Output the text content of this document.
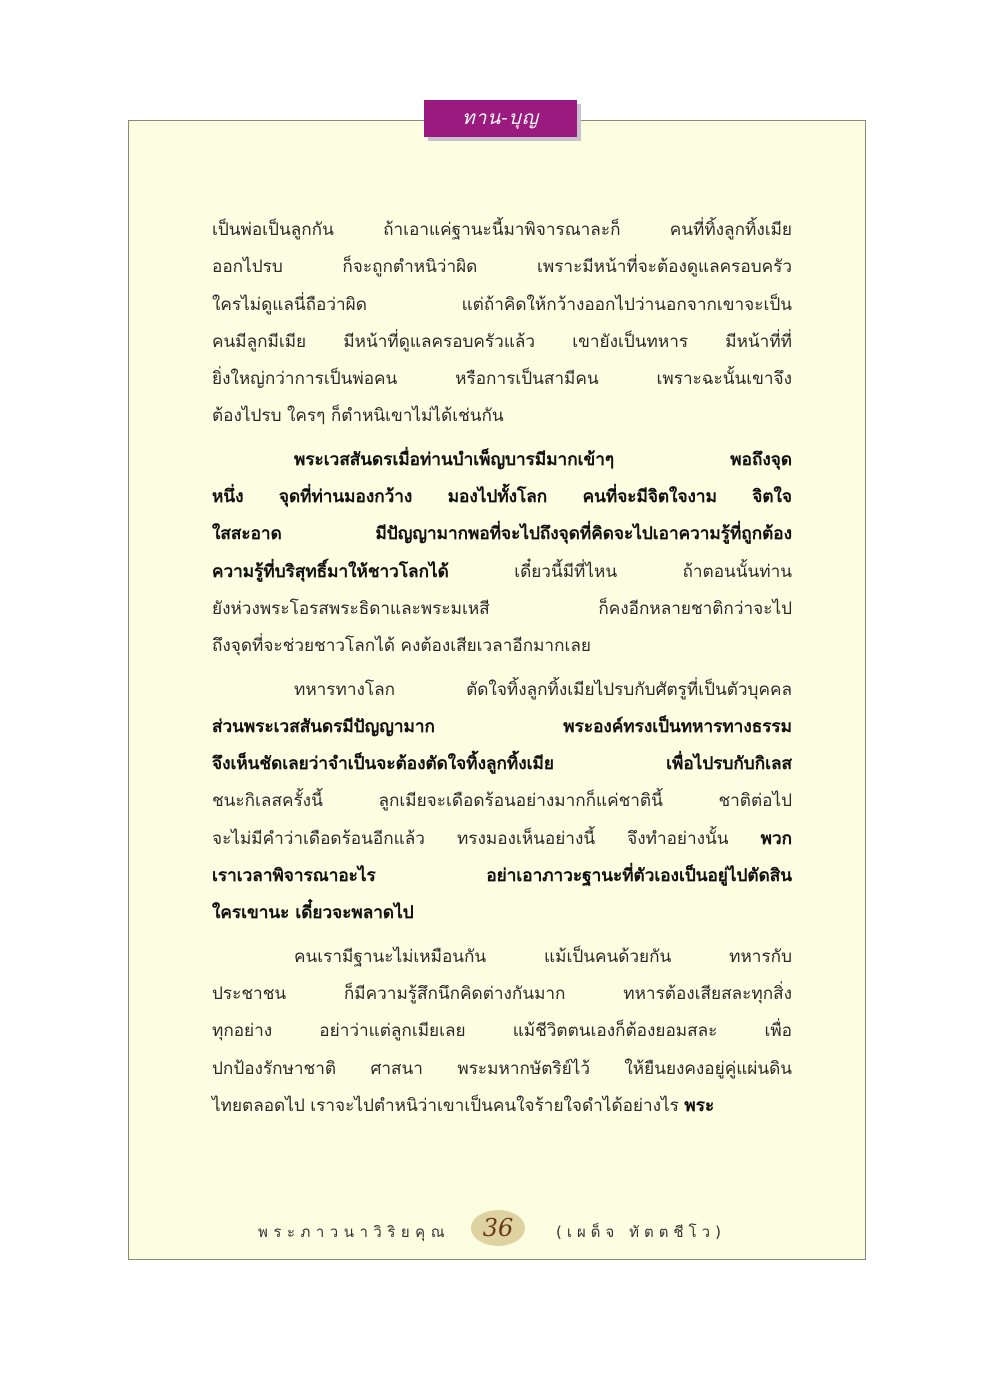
ทาน-บุญ

เป็นพ่อเป็นลูกกัน ถ้าเอาแค่ฐานะนี้มาพิจารณาละก็ คนที่ทิ้งลูกทิ้งเมีย
ออกไปรบ ก็จะถูกตำหนิว่าผิด เพราะมีหน้าที่จะต้องดูแลครอบครัว
ใครไม่ดูแลนี่ถือว่าผิด แต่ถ้าคิดให้กว้างออกไปว่านอกจากเขาจะเป็น
คนมีลูกมีเมีย มีหน้าที่ดูแลครอบครัวแล้ว เขายังเป็นทหาร มีหน้าที่ที่
ยิ่งใหญ่กว่าการเป็นพ่อคน หรือการเป็นสามีคน เพราะฉะนั้นเขาจึง
ต้องไปรบ ใครๆ ก็ตำหนิเขาไม่ได้เช่นกัน

พระเวสสันดรเมื่อท่านบำเพ็ญบารมีมากเข้าๆ พอถึงจุด
หนึ่ง จุดที่ท่านมองกว้าง มองไปทั้งโลก คนที่จะมีจิตใจงาม จิตใจ
ใสสะอาด มีปัญญามากพอที่จะไปถึงจุดที่คิดจะไปเอาความรู้ที่ถูกต้อง
ความรู้ที่บริสุทธิ์มาให้ชาวโลกได้ เดี๋ยวนี้มีที่ไหน ถ้าตอนนั้นท่าน
ยังห่วงพระโอรสพระธิดาและพระมเหสี ก็คงอีกหลายชาติกว่าจะไป
ถึงจุดที่จะช่วยชาวโลกได้ คงต้องเสียเวลาอีกมากเลย

ทหารทางโลก ตัดใจทิ้งลูกทิ้งเมียไปรบกับศัตรูที่เป็นตัวบุคคล
ส่วนพระเวสสันดรมีปัญญามาก พระองค์ทรงเป็นทหารทางธรรม
จึงเห็นชัดเลยว่าจำเป็นจะต้องตัดใจทิ้งลูกทิ้งเมีย เพื่อไปรบกับกิเลส
ชนะกิเลสครั้งนี้ ลูกเมียจะเดือดร้อนอย่างมากก็แค่ชาตินี้ ชาติต่อไป
จะไม่มีคำว่าเดือดร้อนอีกแล้ว ทรงมองเห็นอย่างนี้ จึงทำอย่างนั้น พวก
เราเวลาพิจารณาอะไร อย่าเอาภาวะฐานะที่ตัวเองเป็นอยู่ไปตัดสิน
ใครเขานะ เดี๋ยวจะพลาดไป

คนเรามีฐานะไม่เหมือนกัน แม้เป็นคนด้วยกัน ทหารกับ
ประชาชน ก็มีความรู้สึกนึกคิดต่างกันมาก ทหารต้องเสียสละทุกสิ่ง
ทุกอย่าง อย่าว่าแต่ลูกเมียเลย แม้ชีวิตตนเองก็ต้องยอมสละ เพื่อ
ปกป้องรักษาชาติ ศาสนา พระมหากษัตริย์ไว้ ให้ยืนยงคงอยู่คู่แผ่นดิน
ไทยตลอดไป เราจะไปตำหนิว่าเขาเป็นคนใจร้ายใจดำได้อย่างไร พระ

พระภาวนาวิริยคุณ	36	(เผด็จ ทัตตชีโว)
